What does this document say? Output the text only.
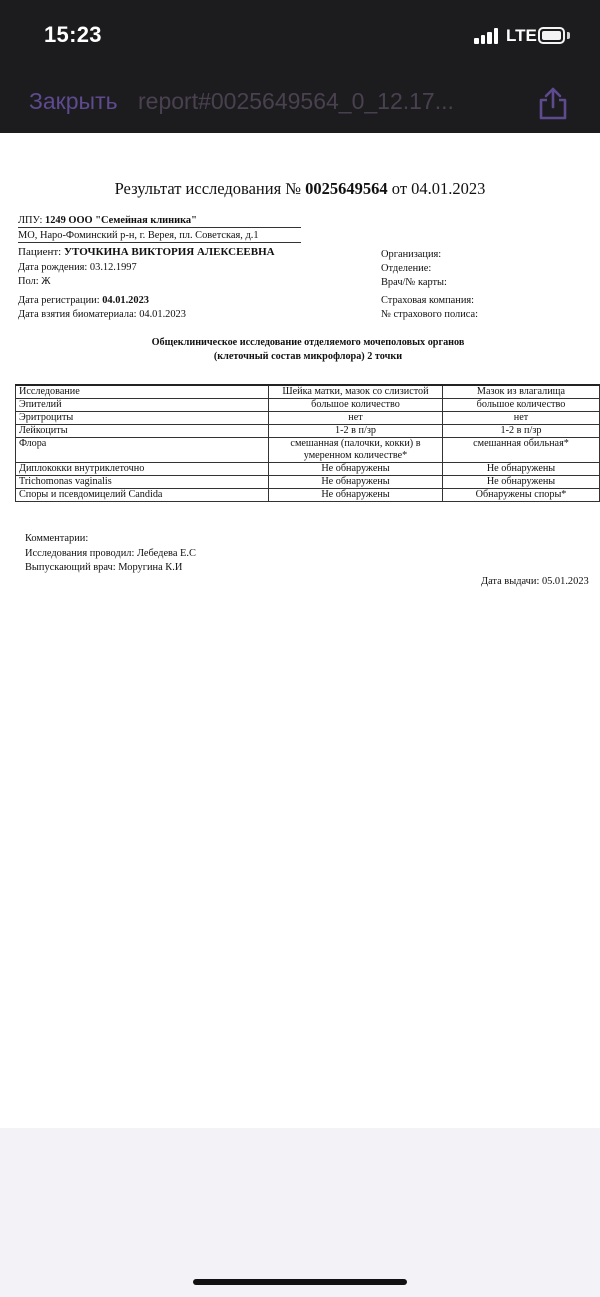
15:23	LTE
Закрыть report#0025649564_0_12.17...
Результат исследования № 0025649564 от 04.01.2023
ЛПУ: 1249 ООО "Семейная клиника"
МО, Наро-Фоминский р-н, г. Верея, пл. Советская, д.1
Пациент: УТОЧКИНА ВИКТОРИЯ АЛЕКСЕЕВНА
Дата рождения: 03.12.1997
Пол: Ж
Организация:
Отделение:
Врач/№ карты:
Дата регистрации: 04.01.2023
Дата взятия биоматериала: 04.01.2023
Страховая компания:
№ страхового полиса:
Общеклиническое исследование отделяемого мочеполовых органов
(клеточный состав микрофлора) 2 точки
Исследование	Шейка матки, мазок со слизистой	Мазок из влагалища
Эпителий	большое количество	большое количество
Эритроциты	нет	нет
Лейкоциты	1-2 в п/зр	1-2 в п/зр
Флора	смешанная (палочки, кокки) в умеренном количестве*	смешанная обильная*
Диплококки внутриклеточно	Не обнаружены	Не обнаружены
Trichomonas vaginalis	Не обнаружены	Не обнаружены
Споры и псевдомицелий Candida	Не обнаружены	Обнаружены споры*
Комментарии:
Исследования проводил: Лебедева Е.С
Выпускающий врач: Моругина К.И
Дата выдачи: 05.01.2023
